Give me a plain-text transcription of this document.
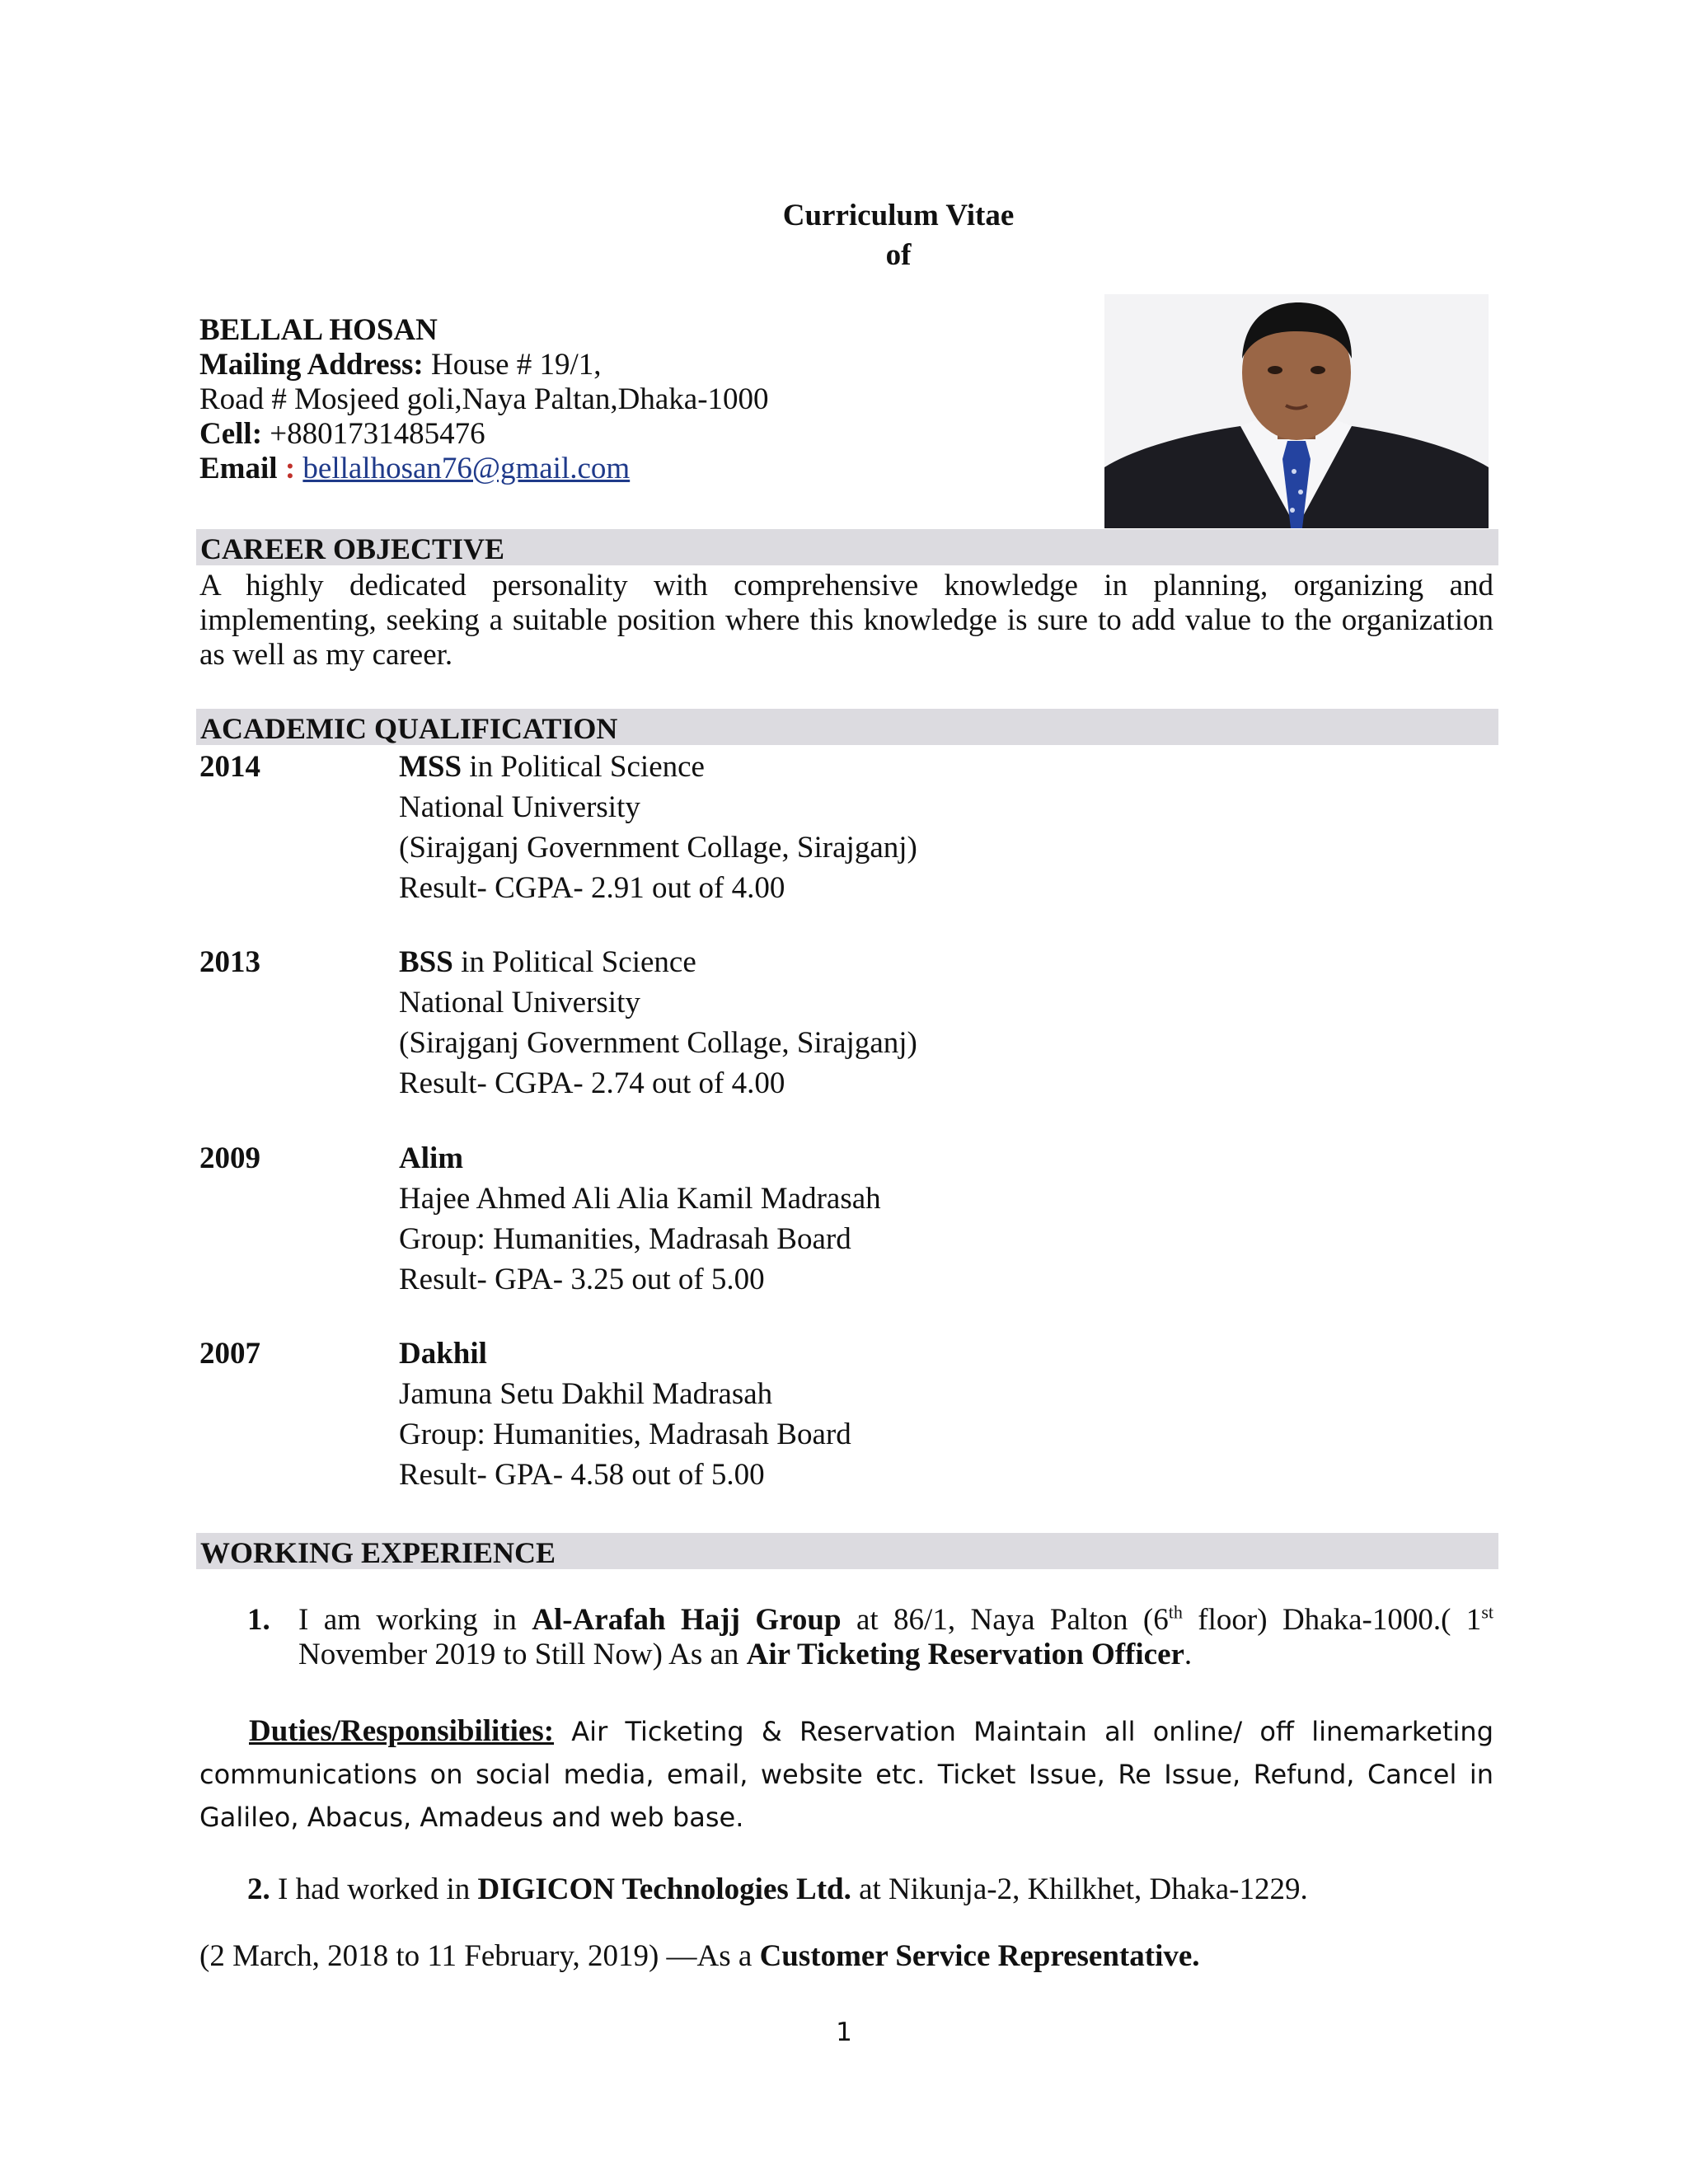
Curriculum Vitae
of
BELLAL HOSAN
Mailing Address: House # 19/1,
Road # Mosjeed goli,Naya Paltan,Dhaka-1000
Cell: +8801731485476
Email : bellalhosan76@gmail.com
CAREER OBJECTIVE
A highly dedicated personality with comprehensive knowledge in planning, organizing and implementing, seeking a suitable position where this knowledge is sure to add value to the organization as well as my career.
ACADEMIC QUALIFICATION
2014	MSS in Political Science
National University
(Sirajganj Government Collage, Sirajganj)
Result- CGPA- 2.91 out of 4.00
2013	BSS in Political Science
National University
(Sirajganj Government Collage, Sirajganj)
Result- CGPA- 2.74 out of 4.00
2009	Alim
Hajee Ahmed Ali Alia Kamil Madrasah
Group: Humanities, Madrasah Board
Result- GPA- 3.25 out of 5.00
2007	Dakhil
Jamuna Setu Dakhil Madrasah
Group: Humanities, Madrasah Board
Result- GPA- 4.58 out of 5.00
WORKING EXPERIENCE
1. I am working in Al-Arafah Hajj Group at 86/1, Naya Palton (6th floor) Dhaka-1000.( 1st November 2019 to Still Now) As an Air Ticketing Reservation Officer.
Duties/Responsibilities: Air Ticketing & Reservation Maintain all online/ off linemarketing communications on social media, email, website etc. Ticket Issue, Re Issue, Refund, Cancel in Galileo, Abacus, Amadeus and web base.
2. I had worked in DIGICON Technologies Ltd. at Nikunja-2, Khilkhet, Dhaka-1229.
(2 March, 2018 to 11 February, 2019) —As a Customer Service Representative.
1
